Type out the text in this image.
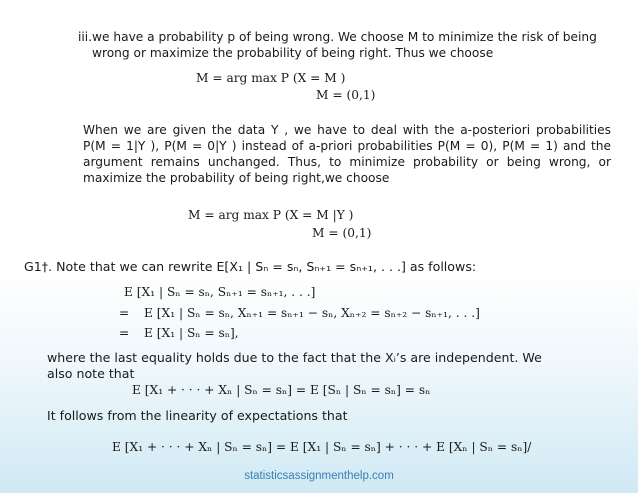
iii.we have a probability p of being wrong. We choose M to minimize the risk of being
wrong or maximize the probability of being right. Thus we choose
M = arg max P (X = M )
M = (0,1)
When we are given the data Y , we have to deal with the a-posteriori probabilities
P(M = 1|Y ), P(M = 0|Y ) instead of a-priori probabilities P(M = 0), P(M = 1) and the
argument remains unchanged. Thus, to minimize probability or being wrong, or
maximize the probability of being right,we choose
M = arg max P (X = M |Y )
M = (0,1)
G1†. Note that we can rewrite E[X₁ | Sₙ = sₙ, Sₙ₊₁ = sₙ₊₁, . . .] as follows:
E [X₁ | Sₙ = sₙ, Sₙ₊₁ = sₙ₊₁, . . .]
= E [X₁ | Sₙ = sₙ, Xₙ₊₁ = sₙ₊₁ − sₙ, Xₙ₊₂ = sₙ₊₂ − sₙ₊₁, . . .]
= E [X₁ | Sₙ = sₙ],
where the last equality holds due to the fact that the Xᵢ’s are independent. We
also note that
E [X₁ + · · · + Xₙ | Sₙ = sₙ] = E [Sₙ | Sₙ = sₙ] = sₙ
It follows from the linearity of expectations that
E [X₁ + · · · + Xₙ | Sₙ = sₙ] = E [X₁ | Sₙ = sₙ] + · · · + E [Xₙ | Sₙ = sₙ]/
statisticsassignmenthelp.com
